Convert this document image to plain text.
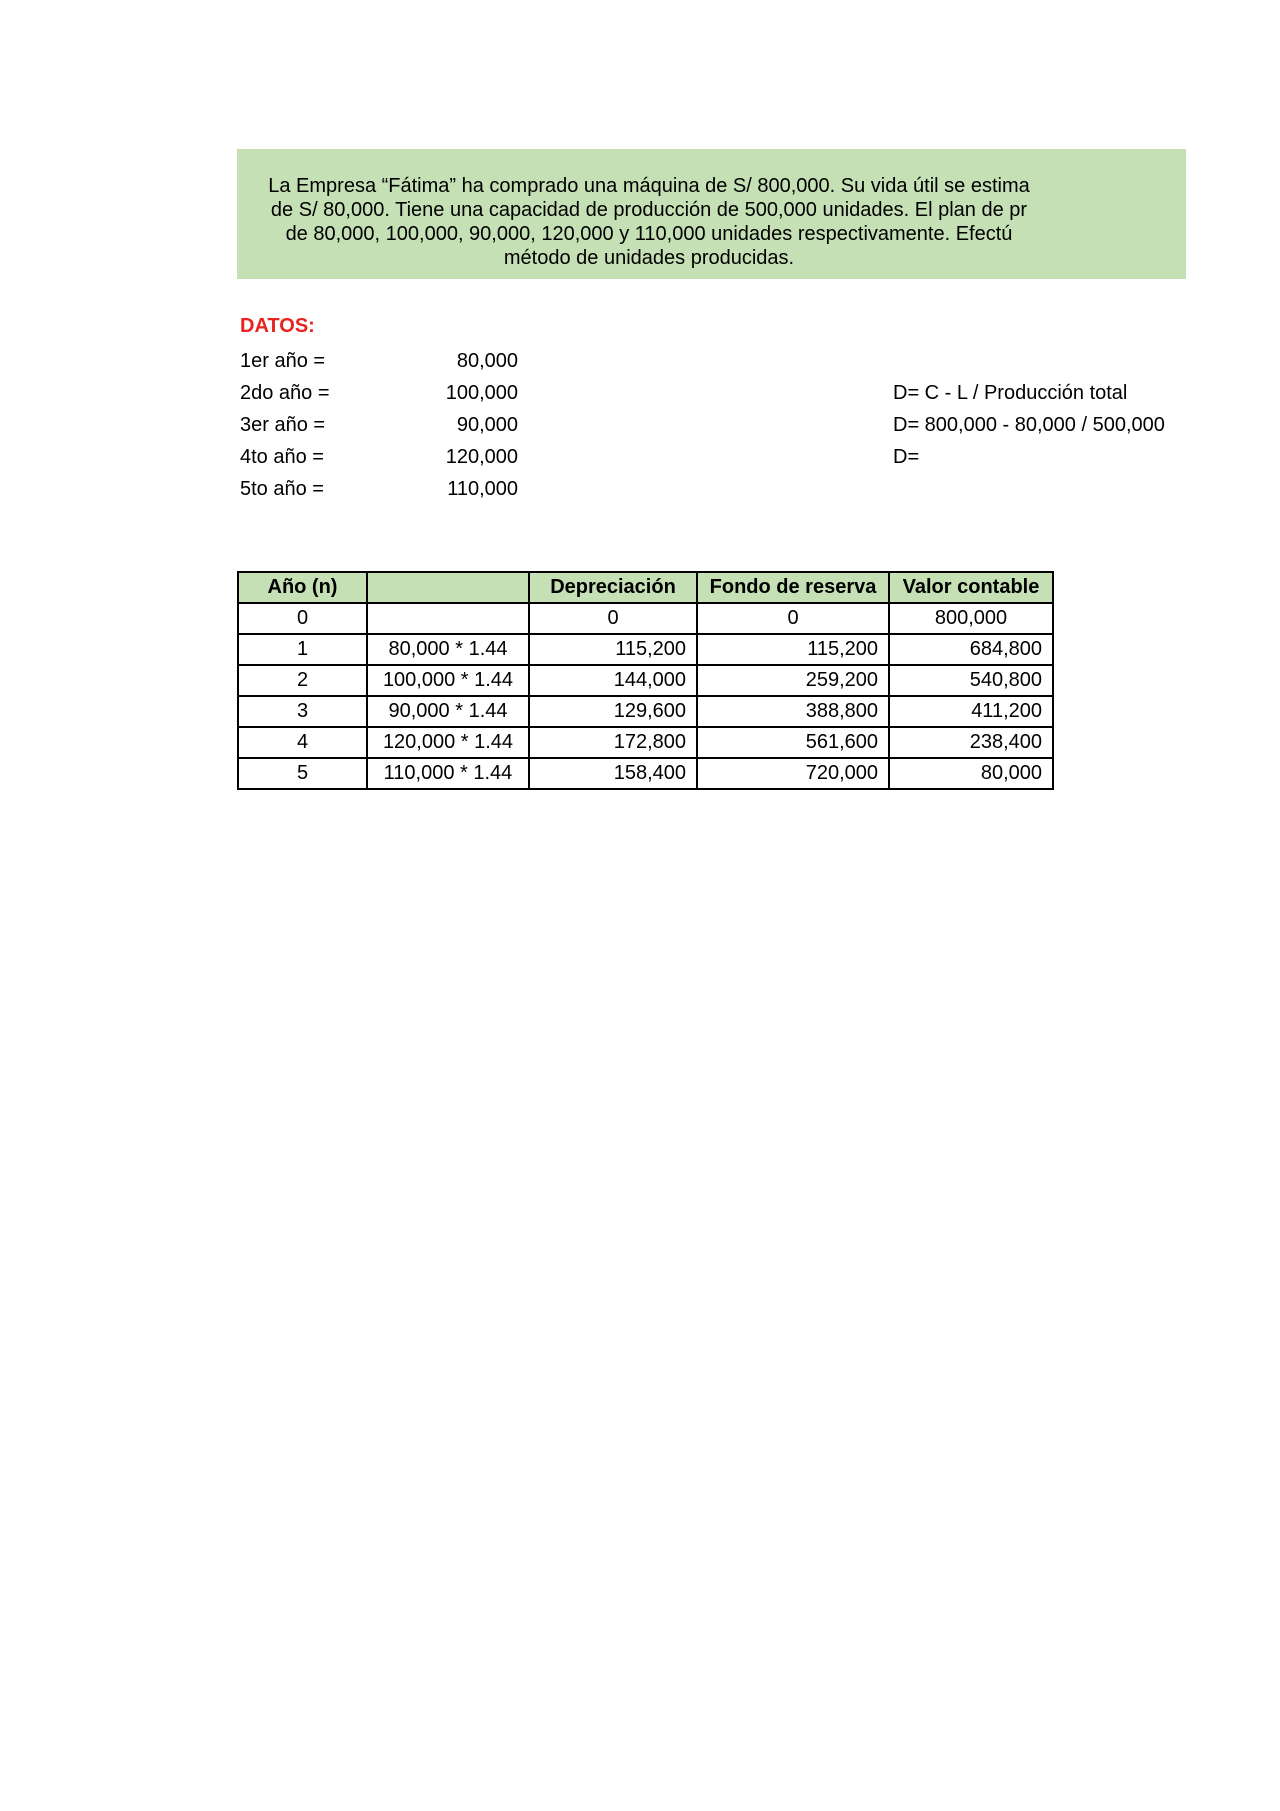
La Empresa “Fátima” ha comprado una máquina de S/ 800,000. Su vida útil se estima
de S/ 80,000. Tiene una capacidad de producción de 500,000 unidades. El plan de pr
de 80,000, 100,000, 90,000, 120,000 y 110,000 unidades respectivamente. Efectú
método de unidades producidas.
DATOS:
1er año =	80,000
2do año =	100,000
3er año =	90,000
4to año =	120,000
5to año =	110,000
D= C - L / Producción total
D= 800,000 - 80,000 / 500,000
D=
Año (n)		Depreciación	Fondo de reserva	Valor contable
0		0	0	800,000
1	80,000 * 1.44	115,200	115,200	684,800
2	100,000 * 1.44	144,000	259,200	540,800
3	90,000 * 1.44	129,600	388,800	411,200
4	120,000 * 1.44	172,800	561,600	238,400
5	110,000 * 1.44	158,400	720,000	80,000
